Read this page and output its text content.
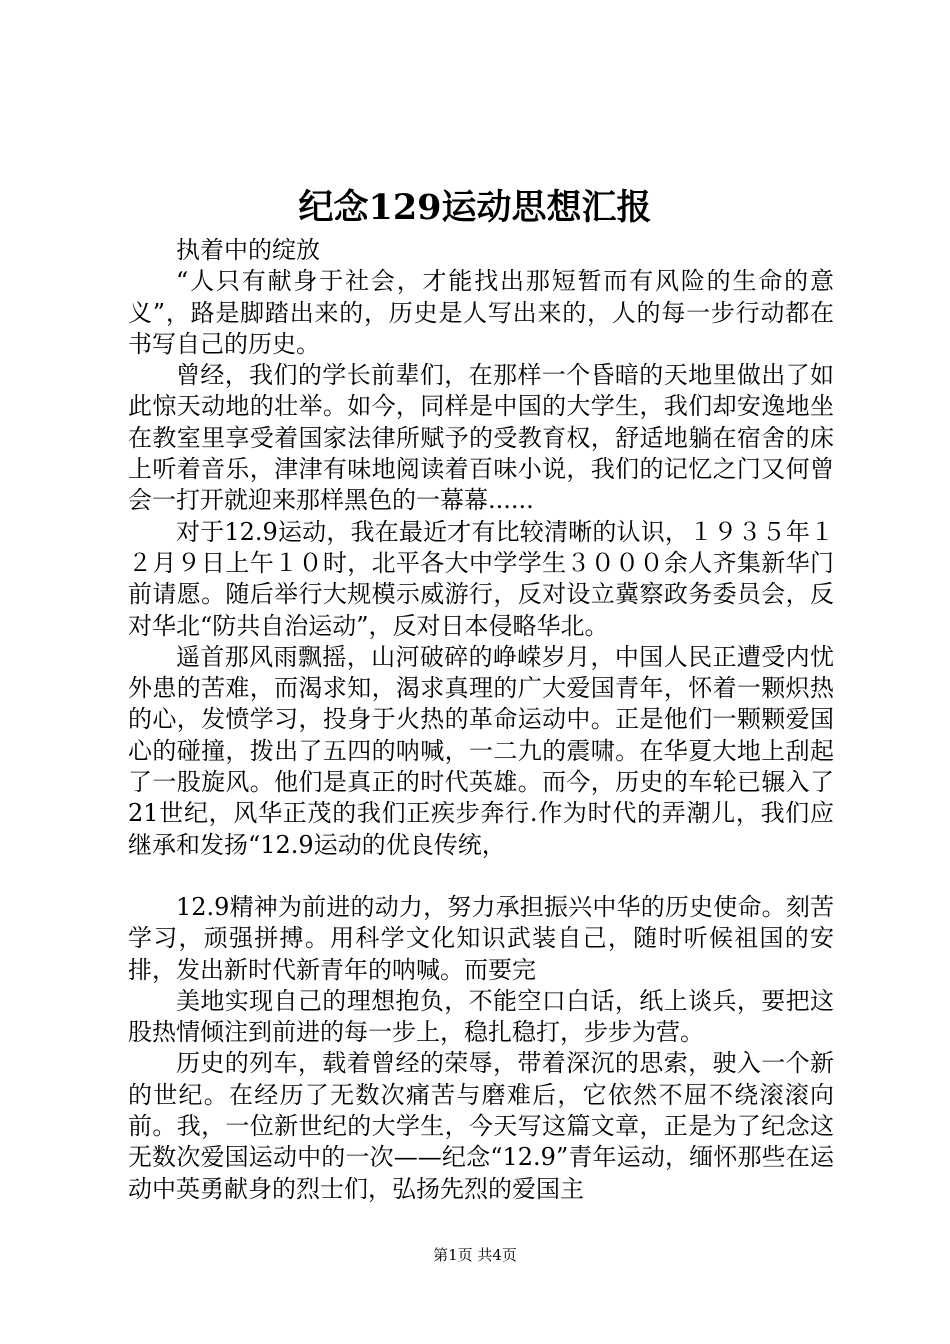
纪念129运动思想汇报

执着中的绽放

“人只有献身于社会，才能找出那短暂而有风险的生命的意义”，路是脚踏出来的，历史是人写出来的，人的每一步行动都在书写自己的历史。

曾经，我们的学长前辈们，在那样一个昏暗的天地里做出了如此惊天动地的壮举。如今，同样是中国的大学生，我们却安逸地坐在教室里享受着国家法律所赋予的受教育权，舒适地躺在宿舍的床上听着音乐，津津有味地阅读着百味小说，我们的记忆之门又何曾会一打开就迎来那样黑色的一幕幕......

对于12.9运动，我在最近才有比较清晰的认识，１９３５年１２月９日上午１０时，北平各大中学学生３０００余人齐集新华门前请愿。随后举行大规模示威游行，反对设立冀察政务委员会，反对华北“防共自治运动”，反对日本侵略华北。

遥首那风雨飘摇，山河破碎的峥嵘岁月，中国人民正遭受内忧外患的苦难，而渴求知，渴求真理的广大爱国青年，怀着一颗炽热的心，发愤学习，投身于火热的革命运动中。正是他们一颗颗爱国心的碰撞，拨出了五四的呐喊，一二九的震啸。在华夏大地上刮起了一股旋风。他们是真正的时代英雄。而今，历史的车轮已辗入了21世纪，风华正茂的我们正疾步奔行.作为时代的弄潮儿，我们应继承和发扬“12.9运动的优良传统，

12.9精神为前进的动力，努力承担振兴中华的历史使命。刻苦学习，顽强拼搏。用科学文化知识武装自己，随时听候祖国的安排，发出新时代新青年的呐喊。而要完

美地实现自己的理想抱负，不能空口白话，纸上谈兵，要把这股热情倾注到前进的每一步上，稳扎稳打，步步为营。

历史的列车，载着曾经的荣辱，带着深沉的思索，驶入一个新的世纪。在经历了无数次痛苦与磨难后，它依然不屈不绕滚滚向前。我，一位新世纪的大学生，今天写这篇文章，正是为了纪念这无数次爱国运动中的一次——纪念“12.9”青年运动，缅怀那些在运动中英勇献身的烈士们，弘扬先烈的爱国主

第1页 共4页
